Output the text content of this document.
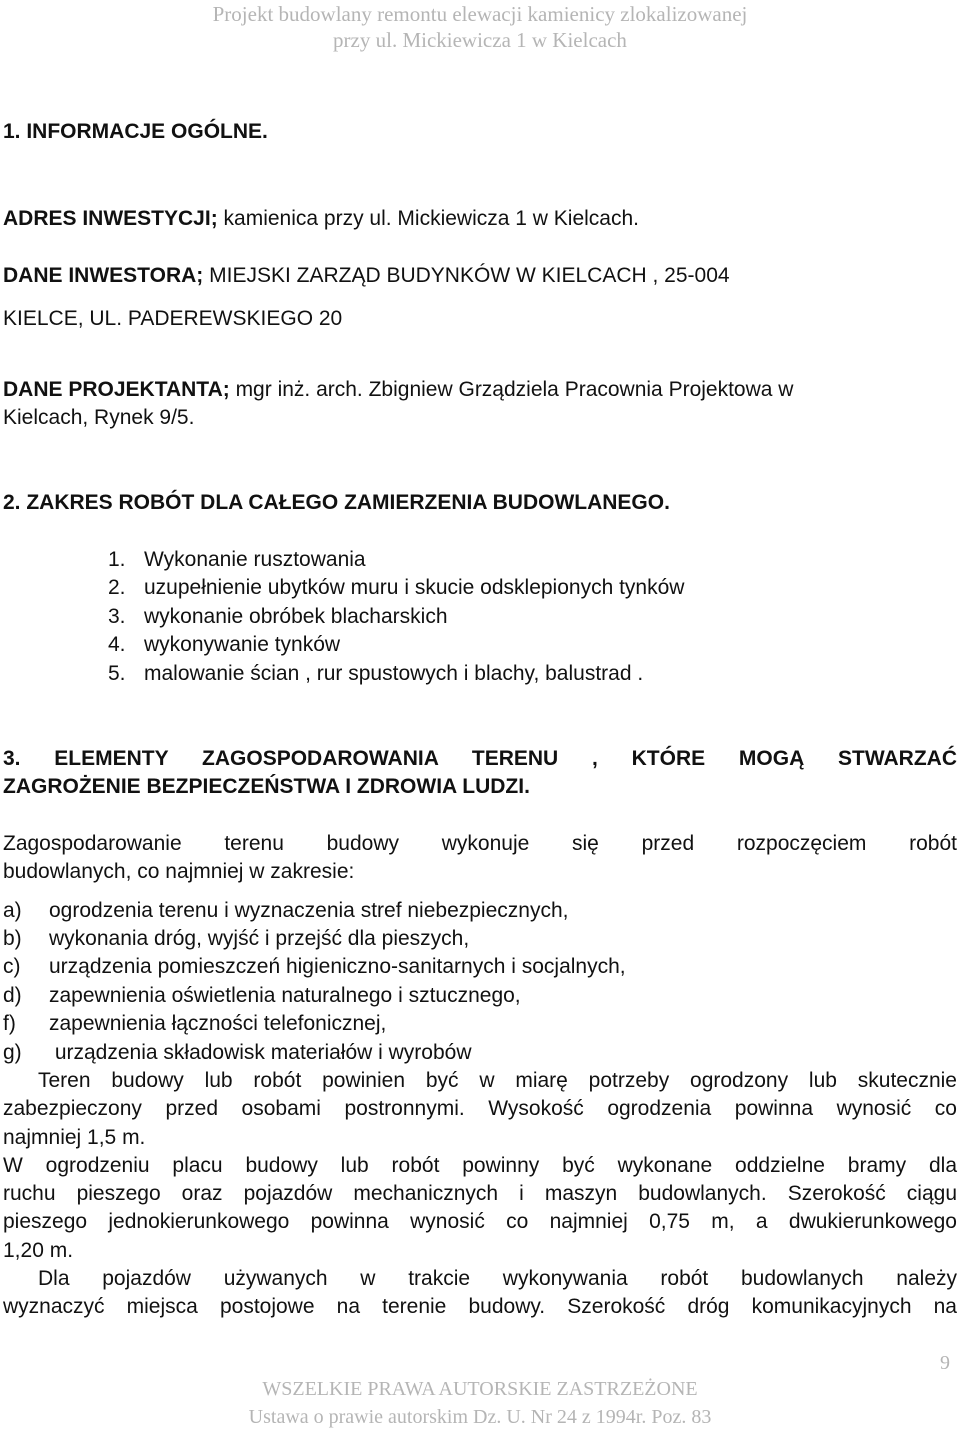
Projekt budowlany remontu elewacji kamienicy zlokalizowanej
przy ul. Mickiewicza 1 w Kielcach

1. INFORMACJE OGÓLNE.

ADRES INWESTYCJI; kamienica przy ul. Mickiewicza 1 w Kielcach.

DANE INWESTORA; MIEJSKI ZARZĄD BUDYNKÓW W KIELCACH , 25-004

KIELCE, UL. PADEREWSKIEGO 20

DANE PROJEKTANTA; mgr inż. arch. Zbigniew Grządziela Pracownia Projektowa w

Kielcach, Rynek 9/5.

2. ZAKRES ROBÓT DLA CAŁEGO ZAMIERZENIA BUDOWLANEGO.

1. Wykonanie rusztowania

2. uzupełnienie ubytków muru i skucie odsklepionych tynków

3. wykonanie obróbek blacharskich

4. wykonywanie tynków

5. malowanie ścian , rur spustowych i blachy, balustrad .

3. ELEMENTY ZAGOSPODAROWANIA TERENU , KTÓRE MOGĄ STWARZAĆ

ZAGROŻENIE BEZPIECZEŃSTWA I ZDROWIA LUDZI.

Zagospodarowanie terenu budowy wykonuje się przed rozpoczęciem robót

budowlanych, co najmniej w zakresie:

a) ogrodzenia terenu i wyznaczenia stref niebezpiecznych,

b) wykonania dróg, wyjść i przejść dla pieszych,

c) urządzenia pomieszczeń higieniczno-sanitarnych i socjalnych,

d) zapewnienia oświetlenia naturalnego i sztucznego,

f) zapewnienia łączności telefonicznej,

g) urządzenia składowisk materiałów i wyrobów

Teren budowy lub robót powinien być w miarę potrzeby ogrodzony lub skutecznie

zabezpieczony przed osobami postronnymi. Wysokość ogrodzenia powinna wynosić co

najmniej 1,5 m.

W ogrodzeniu placu budowy lub robót powinny być wykonane oddzielne bramy dla

ruchu pieszego oraz pojazdów mechanicznych i maszyn budowlanych. Szerokość ciągu

pieszego jednokierunkowego powinna wynosić co najmniej 0,75 m, a dwukierunkowego

1,20 m.

Dla pojazdów używanych w trakcie wykonywania robót budowlanych należy

wyznaczyć miejsca postojowe na terenie budowy. Szerokość dróg komunikacyjnych na

9
WSZELKIE PRAWA AUTORSKIE ZASTRZEŻONE
Ustawa o prawie autorskim Dz. U. Nr 24 z 1994r. Poz. 83
